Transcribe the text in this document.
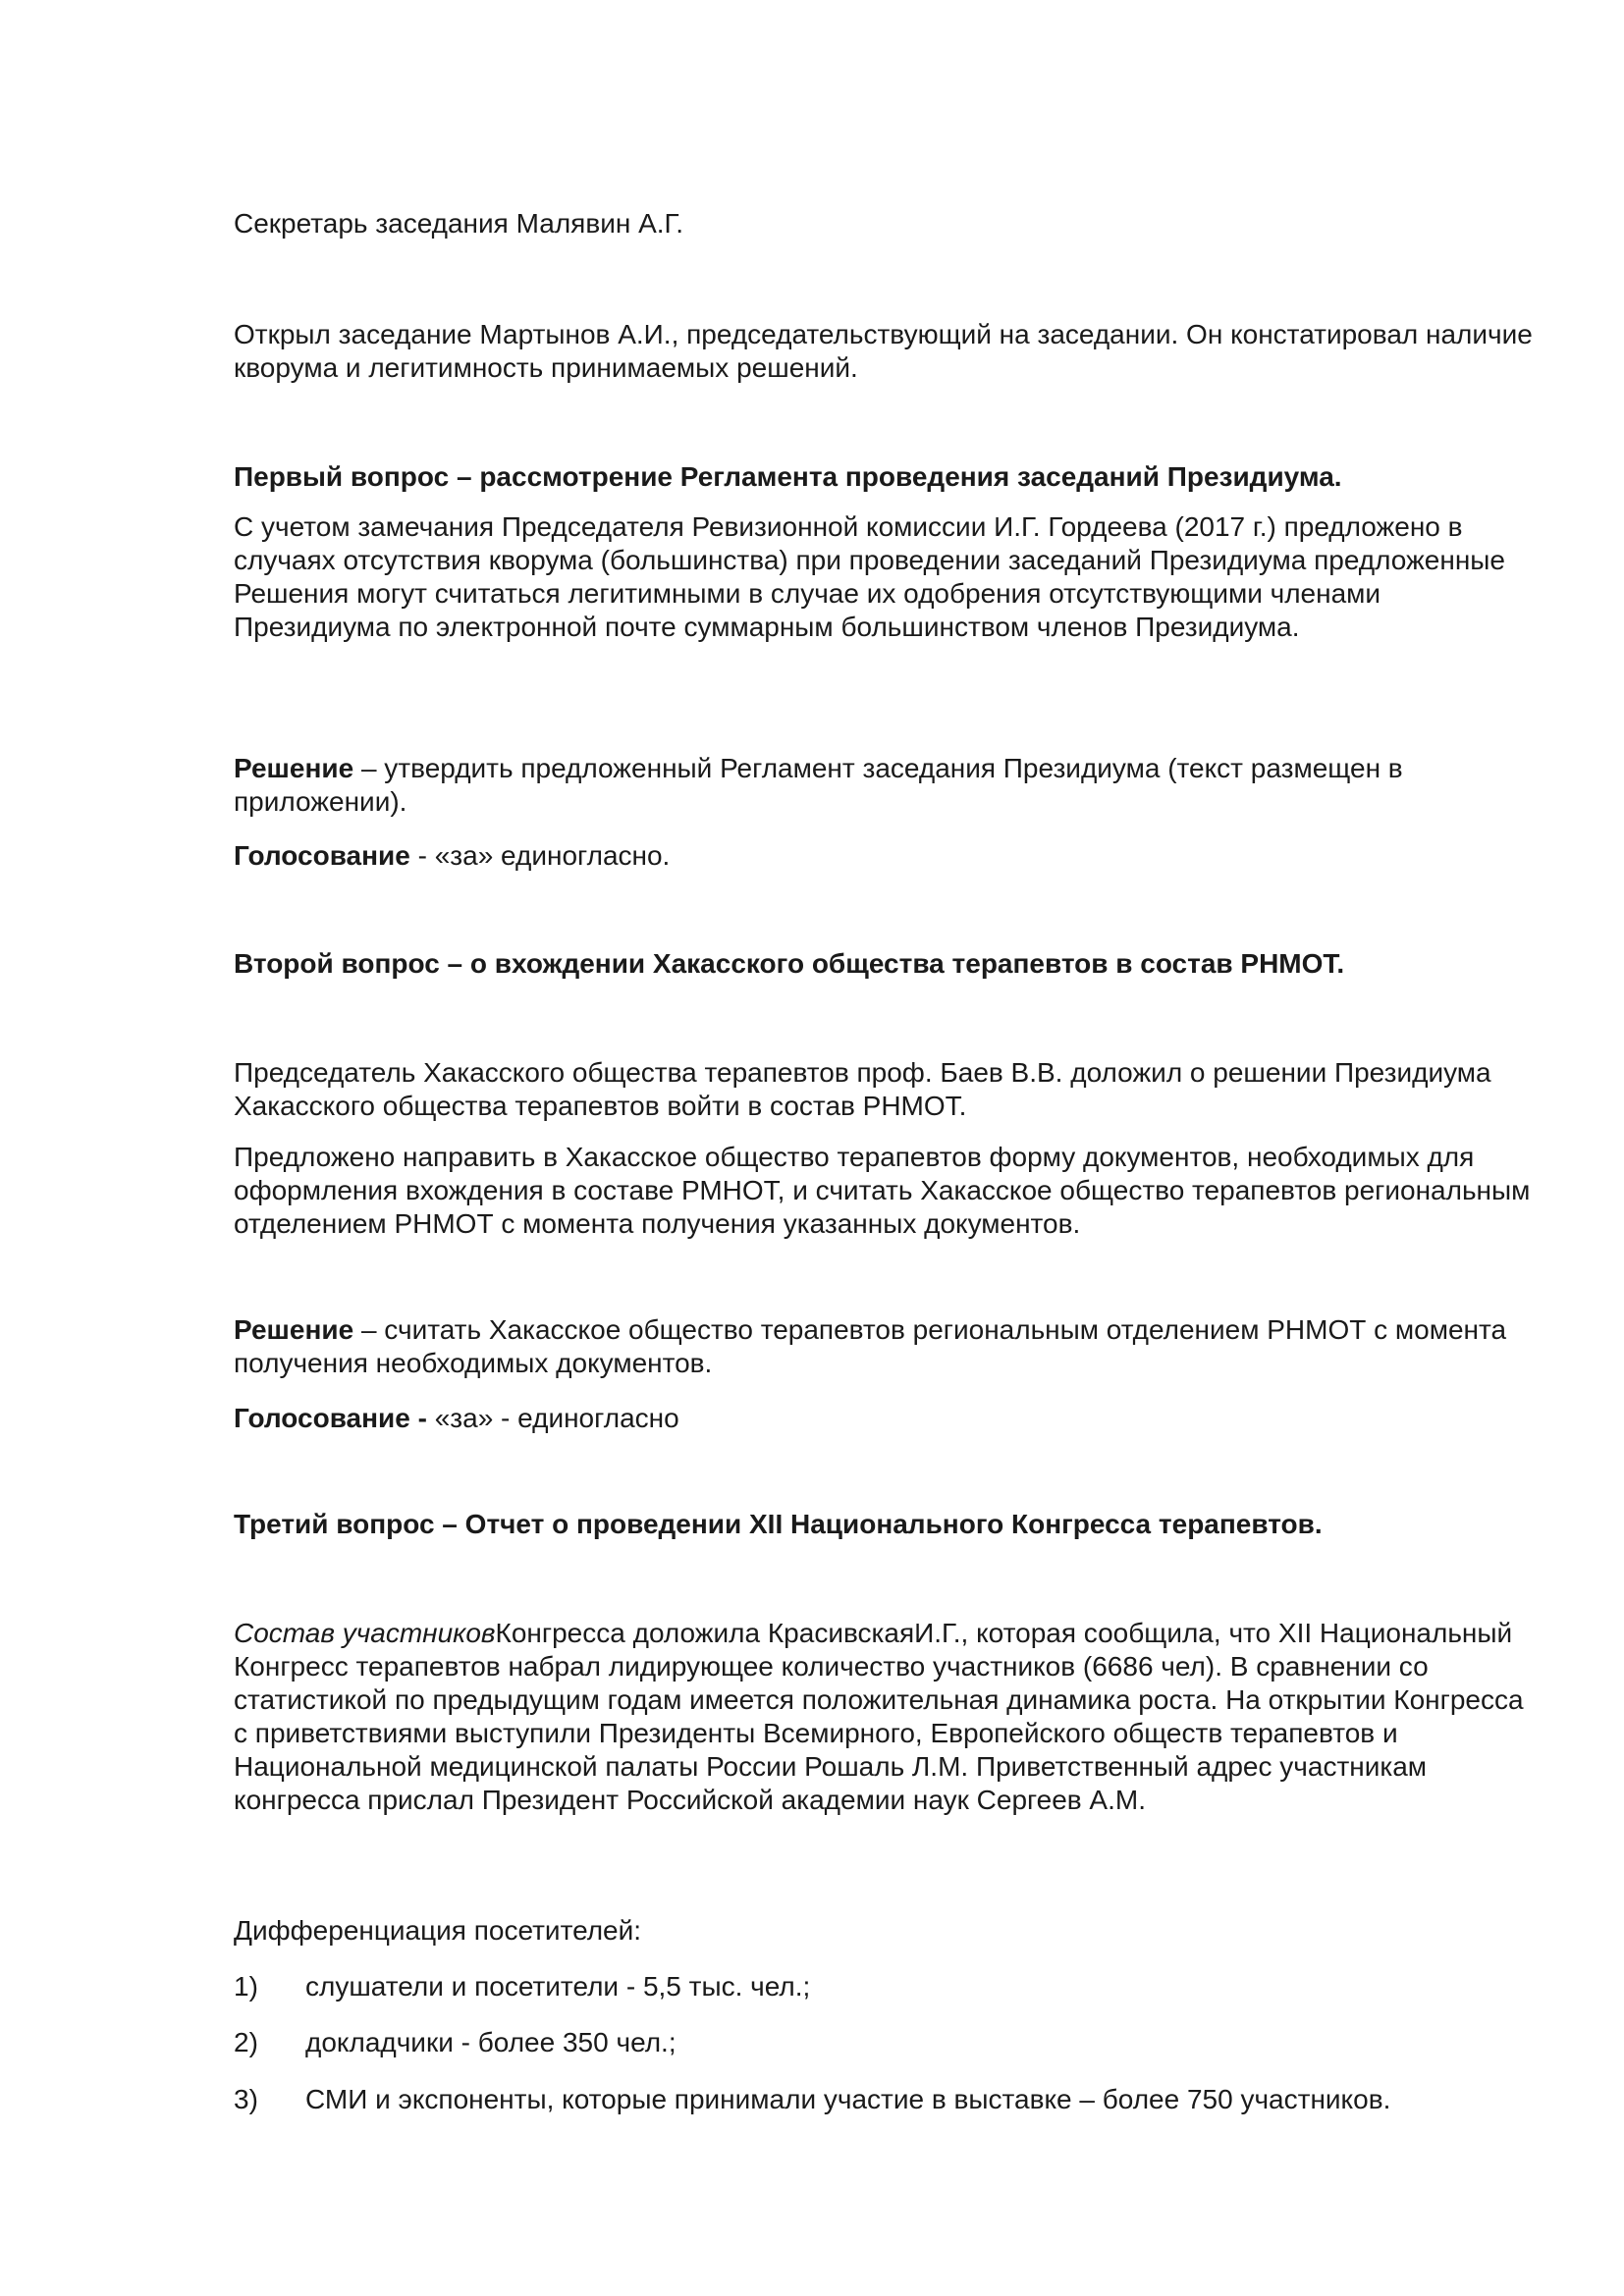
Секретарь заседания Малявин А.Г.

Открыл заседание Мартынов А.И., председательствующий на заседании. Он констатировал наличие кворума и легитимность принимаемых решений.

Первый вопрос – рассмотрение Регламента проведения заседаний Президиума.

С учетом замечания Председателя Ревизионной комиссии И.Г. Гордеева (2017 г.) предложено в случаях отсутствия кворума (большинства) при проведении заседаний Президиума предложенные Решения могут считаться легитимными в случае их одобрения отсутствующими членами Президиума по электронной почте суммарным большинством членов Президиума.

Решение – утвердить предложенный Регламент заседания Президиума (текст размещен в приложении).

Голосование - «за» единогласно.

Второй вопрос – о вхождении Хакасского общества терапевтов в состав РНМОТ.

Председатель Хакасского общества терапевтов проф. Баев В.В. доложил о решении Президиума Хакасского общества терапевтов войти в состав РНМОТ.

Предложено направить в Хакасское общество терапевтов форму документов, необходимых для оформления вхождения в составе РМНОТ, и считать Хакасское общество терапевтов региональным отделением РНМОТ с момента получения указанных документов.

Решение – считать Хакасское общество терапевтов региональным отделением РНМОТ с момента получения необходимых документов.

Голосование - «за» - единогласно

Третий вопрос – Отчет о проведении XII Национального Конгресса терапевтов.

Состав участниковКонгресса доложила КрасивскаяИ.Г., которая сообщила, что XII Национальный Конгресс терапевтов набрал лидирующее количество участников (6686 чел). В сравнении со статистикой по предыдущим годам имеется положительная динамика роста. На открытии Конгресса с приветствиями выступили Президенты Всемирного, Европейского обществ терапевтов и Национальной медицинской палаты России Рошаль Л.М. Приветственный адрес участникам конгресса прислал Президент Российской академии наук Сергеев А.М.

Дифференциация посетителей:

1) слушатели и посетители - 5,5 тыс. чел.;
2) докладчики - более 350 чел.;
3) СМИ и экспоненты, которые принимали участие в выставке – более 750 участников.
